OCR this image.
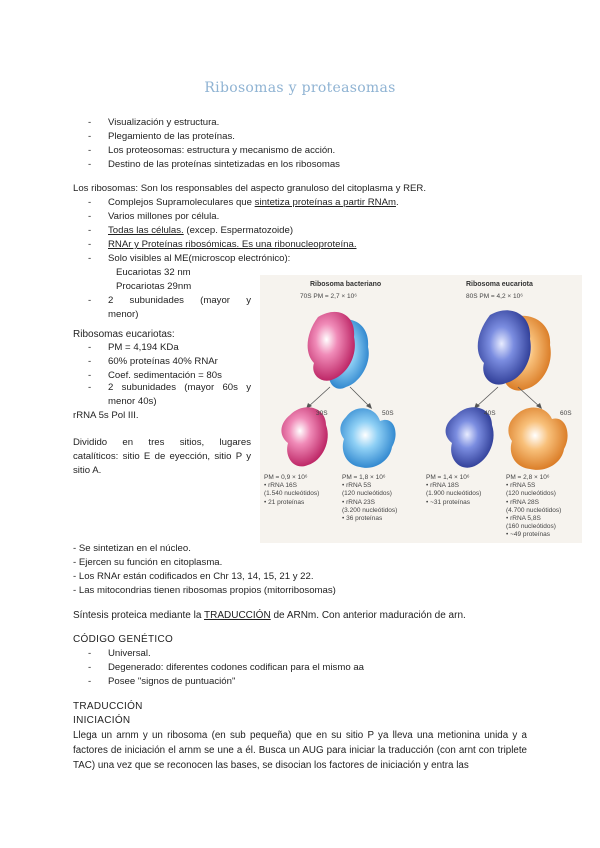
Ribosomas y proteasomas
- Visualización y estructura.
- Plegamiento de las proteínas.
- Los proteosomas: estructura y mecanismo de acción.
- Destino de las proteínas sintetizadas en los ribosomas
Los ribosomas: Son los responsables del aspecto granuloso del citoplasma y RER.
- Complejos Supramoleculares que sintetiza proteínas a partir RNAm.
- Varios millones por célula.
- Todas las células. (excep. Espermatozoide)
- RNAr y Proteínas ribosómicas. Es una ribonucleoproteína.
- Solo visibles al ME(microscop electrónico):
Eucariotas 32 nm
Procariotas 29nm
- 2 subunidades (mayor y
menor)
Ribosomas eucariotas:
- PM = 4,194 KDa
- 60% proteínas 40% RNAr
- Coef. sedimentación = 80s
- 2 subunidades (mayor 60s y
menor 40s)
rRNA 5s Pol III.
Dividido en tres sitios, lugares
catalíticos: sitio E de eyección, sitio P y
sitio A.
Ribosoma bacteriano
70S PM = 2,7 × 10⁶
Ribosoma eucariota
80S PM = 4,2 × 10⁶
30S	50S	40S	60S
PM = 0,9 × 10⁶
• rRNA 16S
(1.540 nucleótidos)
• 21 proteínas
PM = 1,8 × 10⁶
• rRNA 5S
(120 nucleótidos)
• rRNA 23S
(3.200 nucleótidos)
• 36 proteínas
PM = 1,4 × 10⁶
• rRNA 18S
(1.900 nucleótidos)
• ~31 proteínas
PM = 2,8 × 10⁶
• rRNA 5S
(120 nucleótidos)
• rRNA 28S
(4.700 nucleótidos)
• rRNA 5,8S
(160 nucleótidos)
• ~49 proteínas
- Se sintetizan en el núcleo.
- Ejercen su función en citoplasma.
- Los RNAr están codificados en Chr 13, 14, 15, 21 y 22.
- Las mitocondrias tienen ribosomas propios (mitorribosomas)
Síntesis proteica mediante la TRADUCCIÓN de ARNm. Con anterior maduración de arn.
CÓDIGO GENÉTICO
- Universal.
- Degenerado: diferentes codones codifican para el mismo aa
- Posee "signos de puntuación"
TRADUCCIÓN
INICIACIÓN
Llega un arnm y un ribosoma (en sub pequeña) que en su sitio P ya lleva una metionina unida y a factores de iniciación el arnm se une a él. Busca un AUG para iniciar la traducción (con arnt con triplete TAC) una vez que se reconocen las bases, se disocian los factores de iniciación y entra las
